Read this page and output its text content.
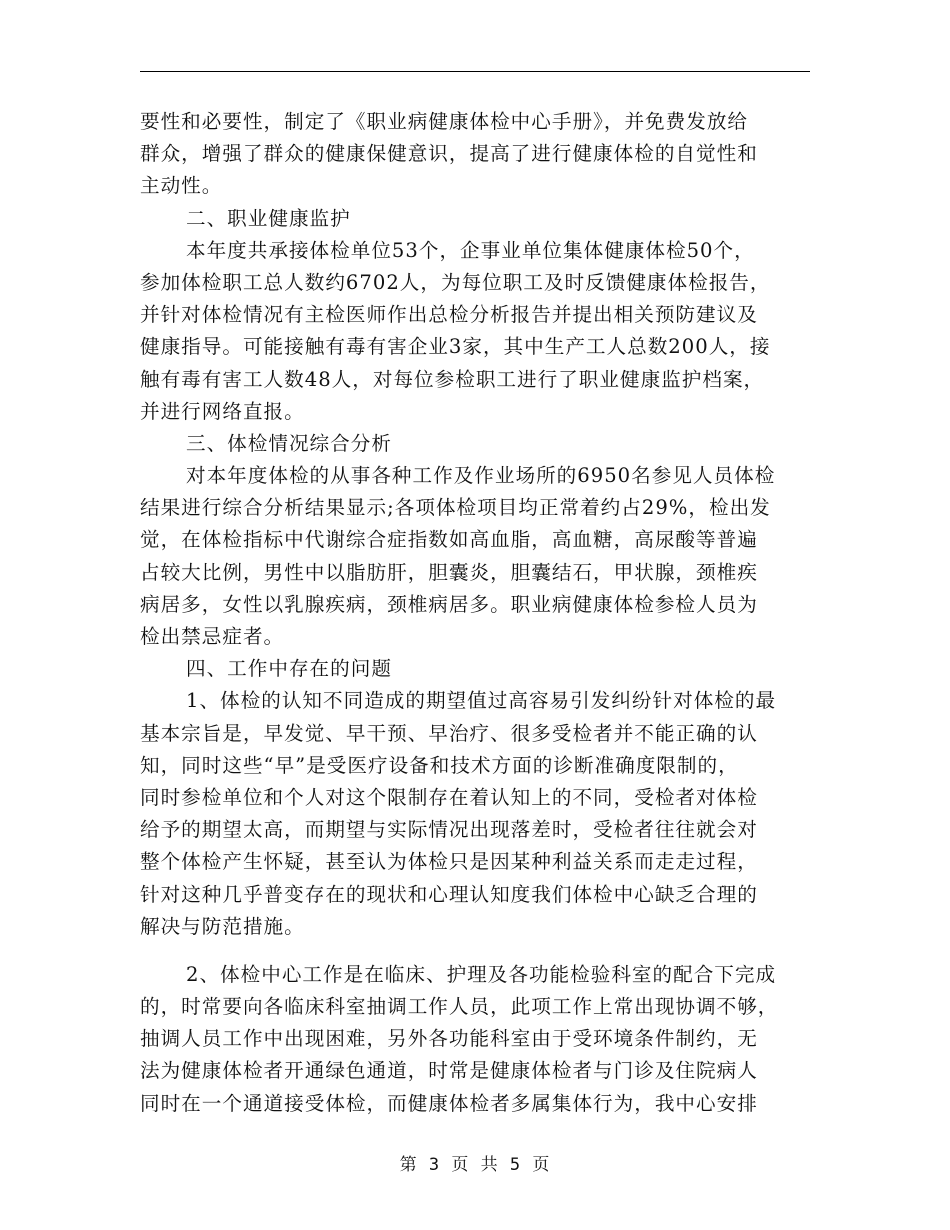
要性和必要性，制定了《职业病健康体检中心手册》，并免费发放给
群众，增强了群众的健康保健意识，提高了进行健康体检的自觉性和
主动性。
二、职业健康监护
本年度共承接体检单位53个，企事业单位集体健康体检50个，
参加体检职工总人数约6702人，为每位职工及时反馈健康体检报告，
并针对体检情况有主检医师作出总检分析报告并提出相关预防建议及
健康指导。可能接触有毒有害企业3家，其中生产工人总数200人，接
触有毒有害工人数48人，对每位参检职工进行了职业健康监护档案，
并进行网络直报。
三、体检情况综合分析
对本年度体检的从事各种工作及作业场所的6950名参见人员体检
结果进行综合分析结果显示;各项体检项目均正常着约占29%，检出发
觉，在体检指标中代谢综合症指数如高血脂，高血糖，高尿酸等普遍
占较大比例，男性中以脂肪肝，胆囊炎，胆囊结石，甲状腺，颈椎疾
病居多，女性以乳腺疾病，颈椎病居多。职业病健康体检参检人员为
检出禁忌症者。
四、工作中存在的问题
1、体检的认知不同造成的期望值过高容易引发纠纷针对体检的最
基本宗旨是，早发觉、早干预、早治疗、很多受检者并不能正确的认
知，同时这些“早”是受医疗设备和技术方面的诊断准确度限制的，
同时参检单位和个人对这个限制存在着认知上的不同，受检者对体检
给予的期望太高，而期望与实际情况出现落差时，受检者往往就会对
整个体检产生怀疑，甚至认为体检只是因某种利益关系而走走过程，
针对这种几乎普变存在的现状和心理认知度我们体检中心缺乏合理的
解决与防范措施。
2、体检中心工作是在临床、护理及各功能检验科室的配合下完成
的，时常要向各临床科室抽调工作人员，此项工作上常出现协调不够，
抽调人员工作中出现困难，另外各功能科室由于受环境条件制约，无
法为健康体检者开通绿色通道，时常是健康体检者与门诊及住院病人
同时在一个通道接受体检，而健康体检者多属集体行为，我中心安排
第 3 页 共 5 页
